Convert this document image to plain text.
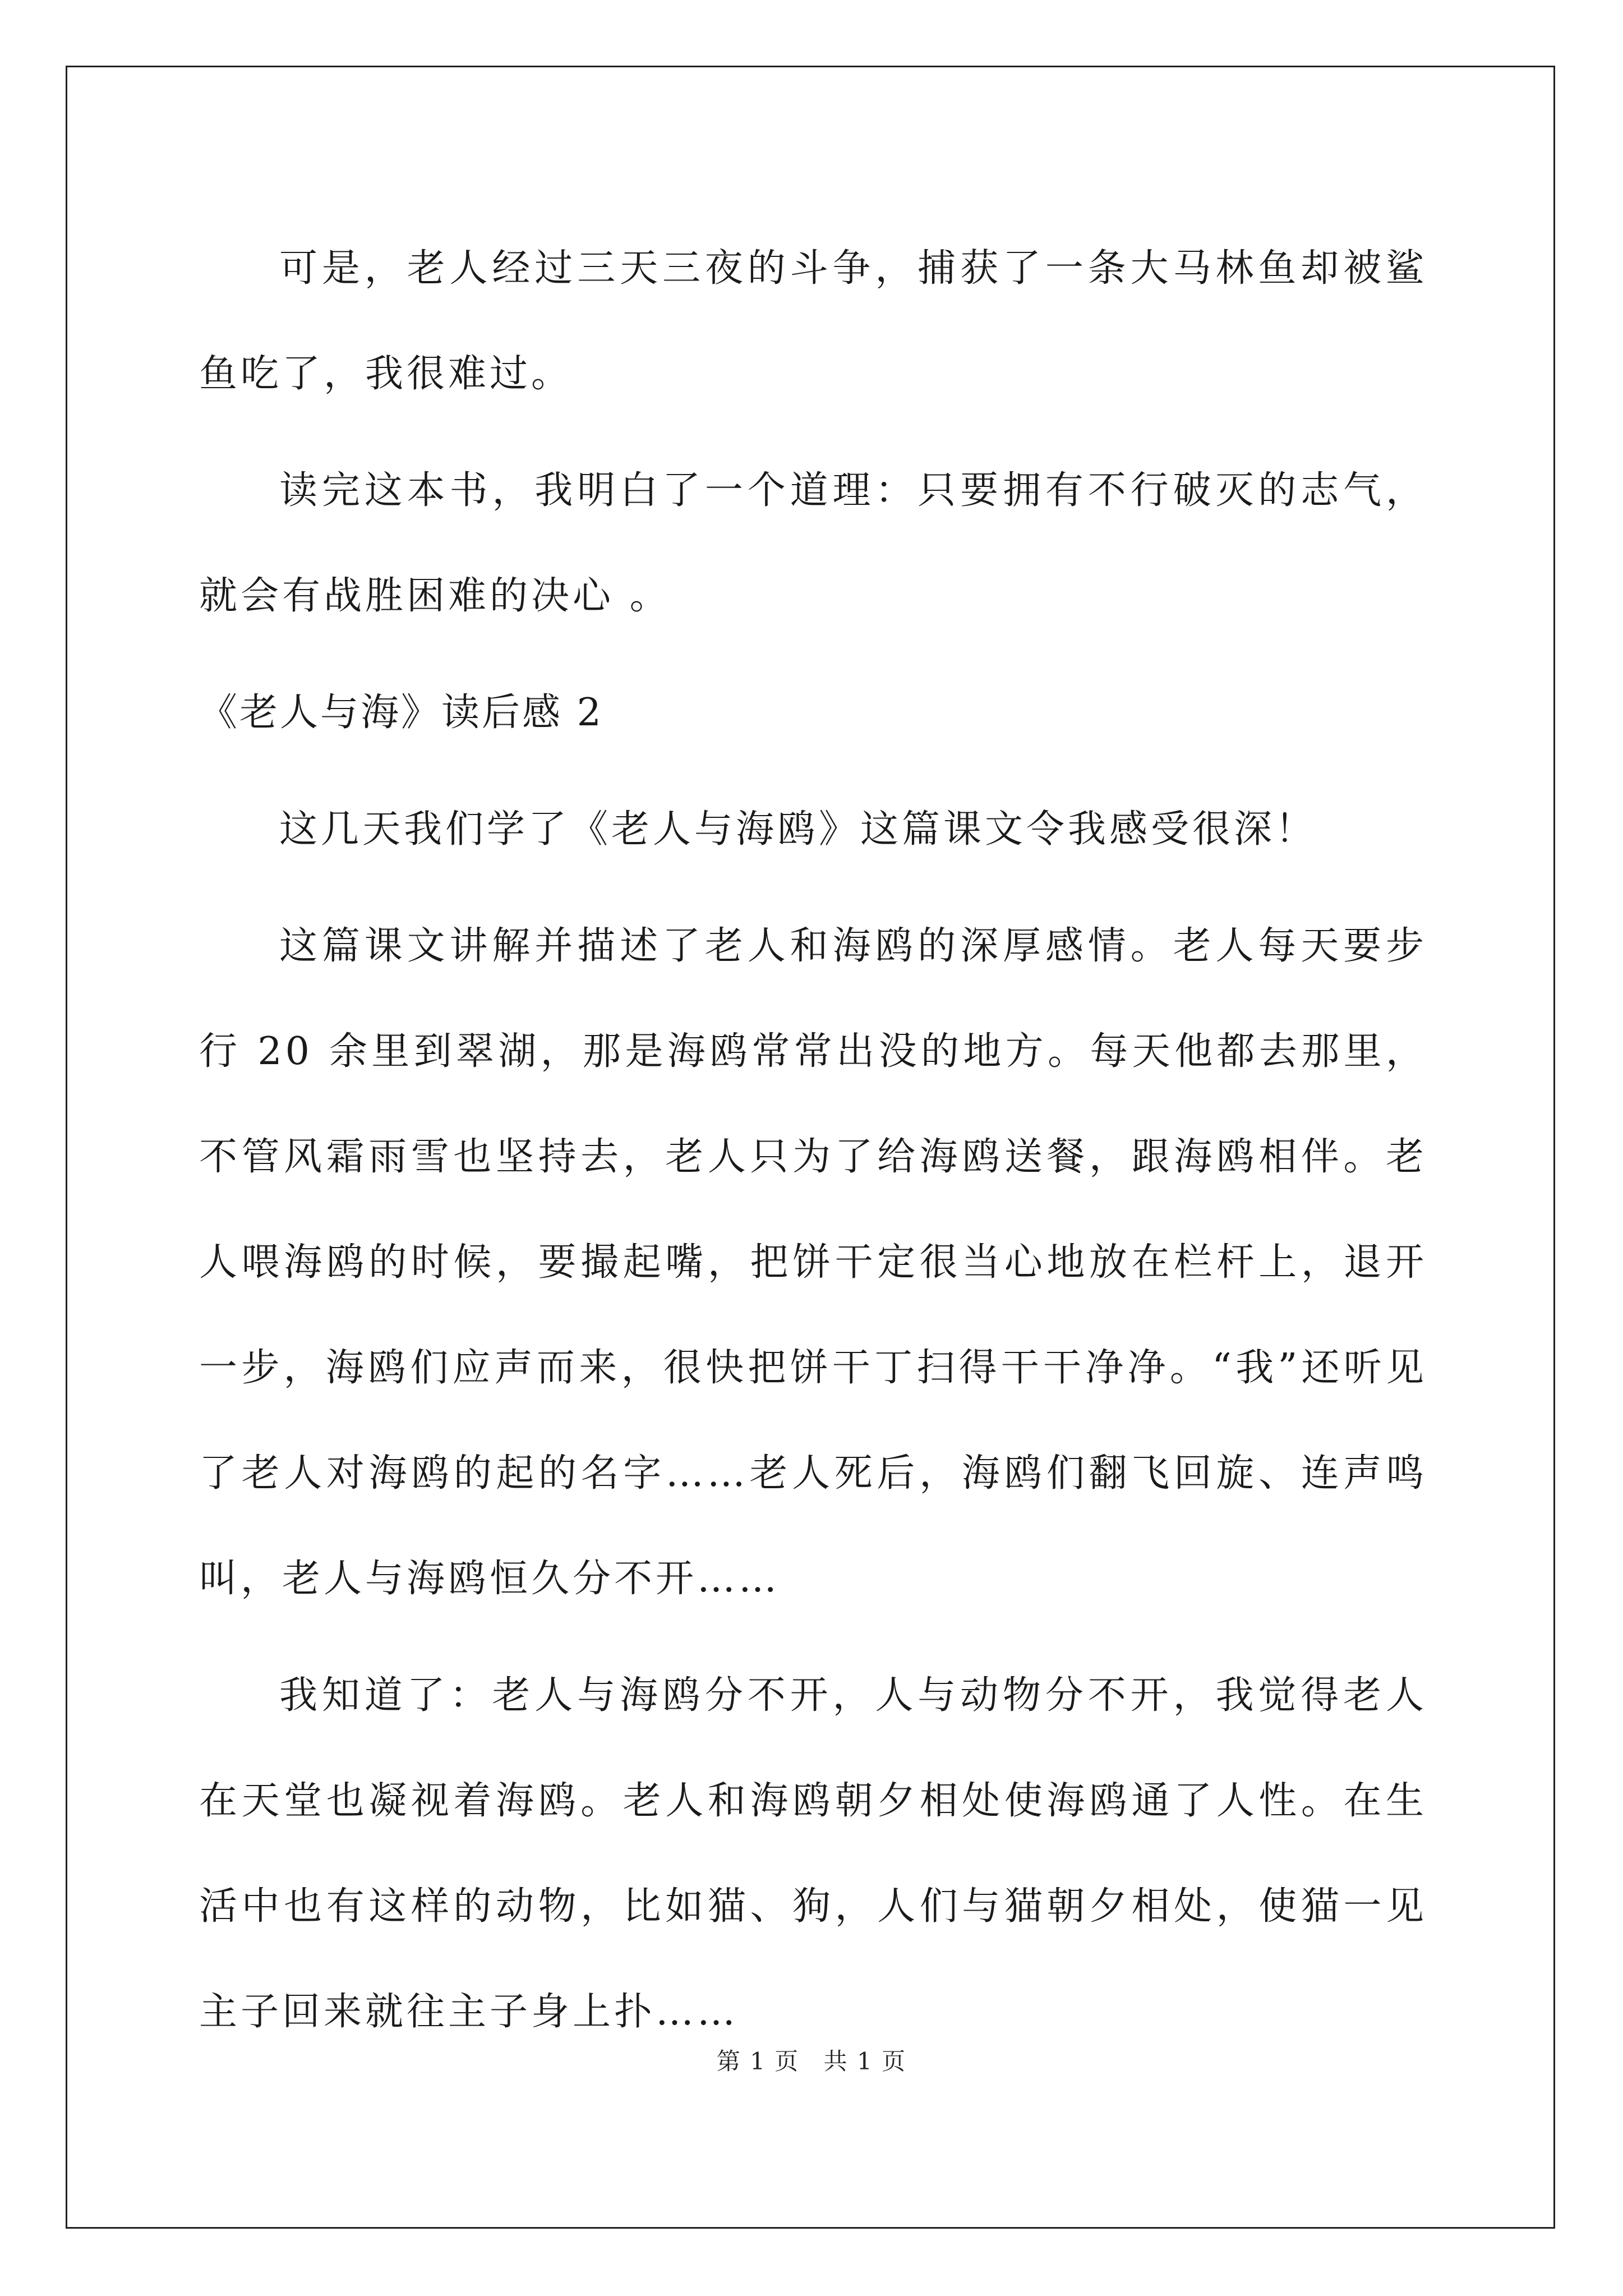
可是，老人经过三天三夜的斗争，捕获了一条大马林鱼却被鲨鱼吃了，我很难过。

读完这本书，我明白了一个道理：只要拥有不行破灭的志气，就会有战胜困难的决心 。

《老人与海》读后感 2

这几天我们学了《老人与海鸥》这篇课文令我感受很深！

这篇课文讲解并描述了老人和海鸥的深厚感情。老人每天要步行 20 余里到翠湖，那是海鸥常常出没的地方。每天他都去那里，不管风霜雨雪也坚持去，老人只为了给海鸥送餐，跟海鸥相伴。老人喂海鸥的时候，要撮起嘴，把饼干定很当心地放在栏杆上，退开一步，海鸥们应声而来，很快把饼干丁扫得干干净净。“我”还听见了老人对海鸥的起的名字……老人死后，海鸥们翻飞回旋、连声鸣叫，老人与海鸥恒久分不开……

我知道了：老人与海鸥分不开，人与动物分不开，我觉得老人在天堂也凝视着海鸥。老人和海鸥朝夕相处使海鸥通了人性。在生活中也有这样的动物，比如猫、狗，人们与猫朝夕相处，使猫一见主子回来就往主子身上扑……

第 1 页 共 1 页
